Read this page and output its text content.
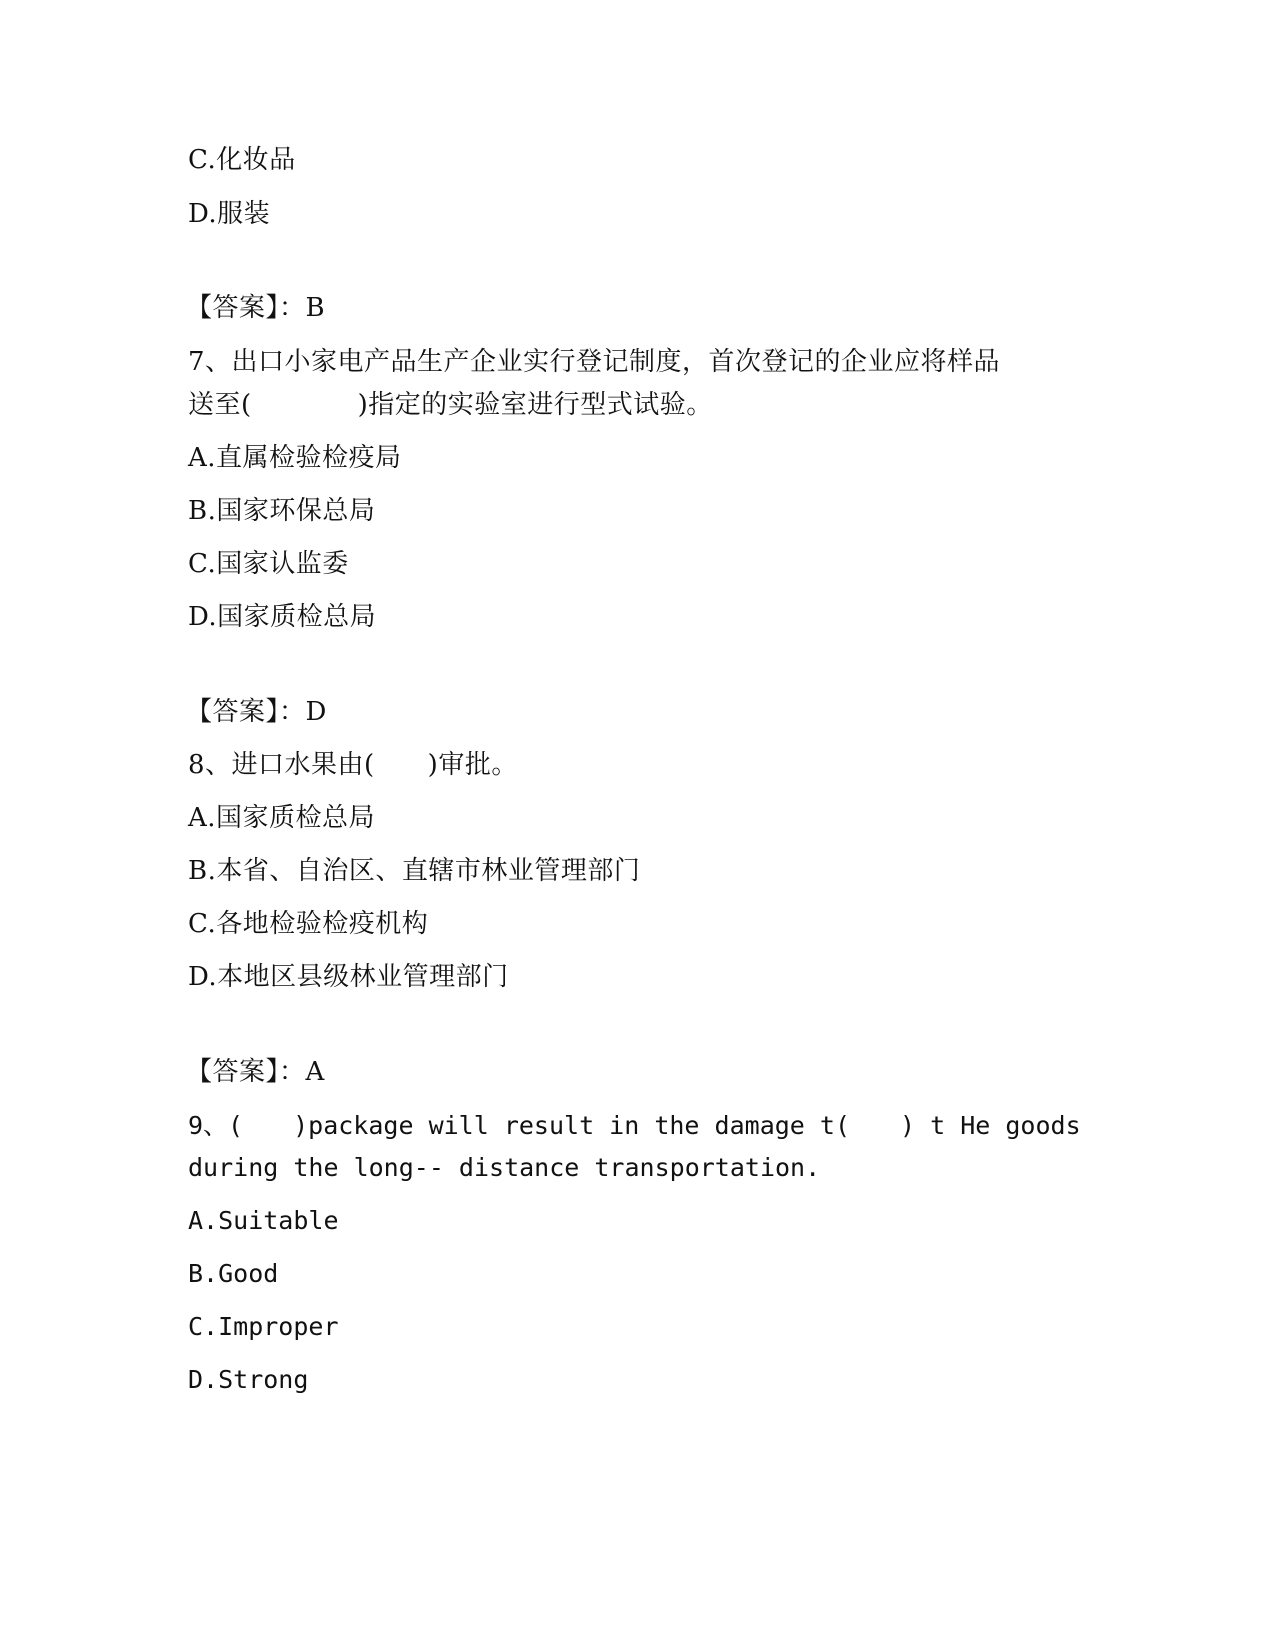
C.化妆品
D.服装
【答案】：B
7、出口小家电产品生产企业实行登记制度，首次登记的企业应将样品
送至(　　　　)指定的实验室进行型式试验。
A.直属检验检疫局
B.国家环保总局
C.国家认监委
D.国家质检总局
【答案】：D
8、进口水果由(　　)审批。
A.国家质检总局
B.本省、自治区、直辖市林业管理部门
C.各地检验检疫机构
D.本地区县级林业管理部门
【答案】：A
9、(　　)package will result in the damage t(　　) t He goods
during the long-- distance transportation.
A.Suitable
B.Good
C.Improper
D.Strong
